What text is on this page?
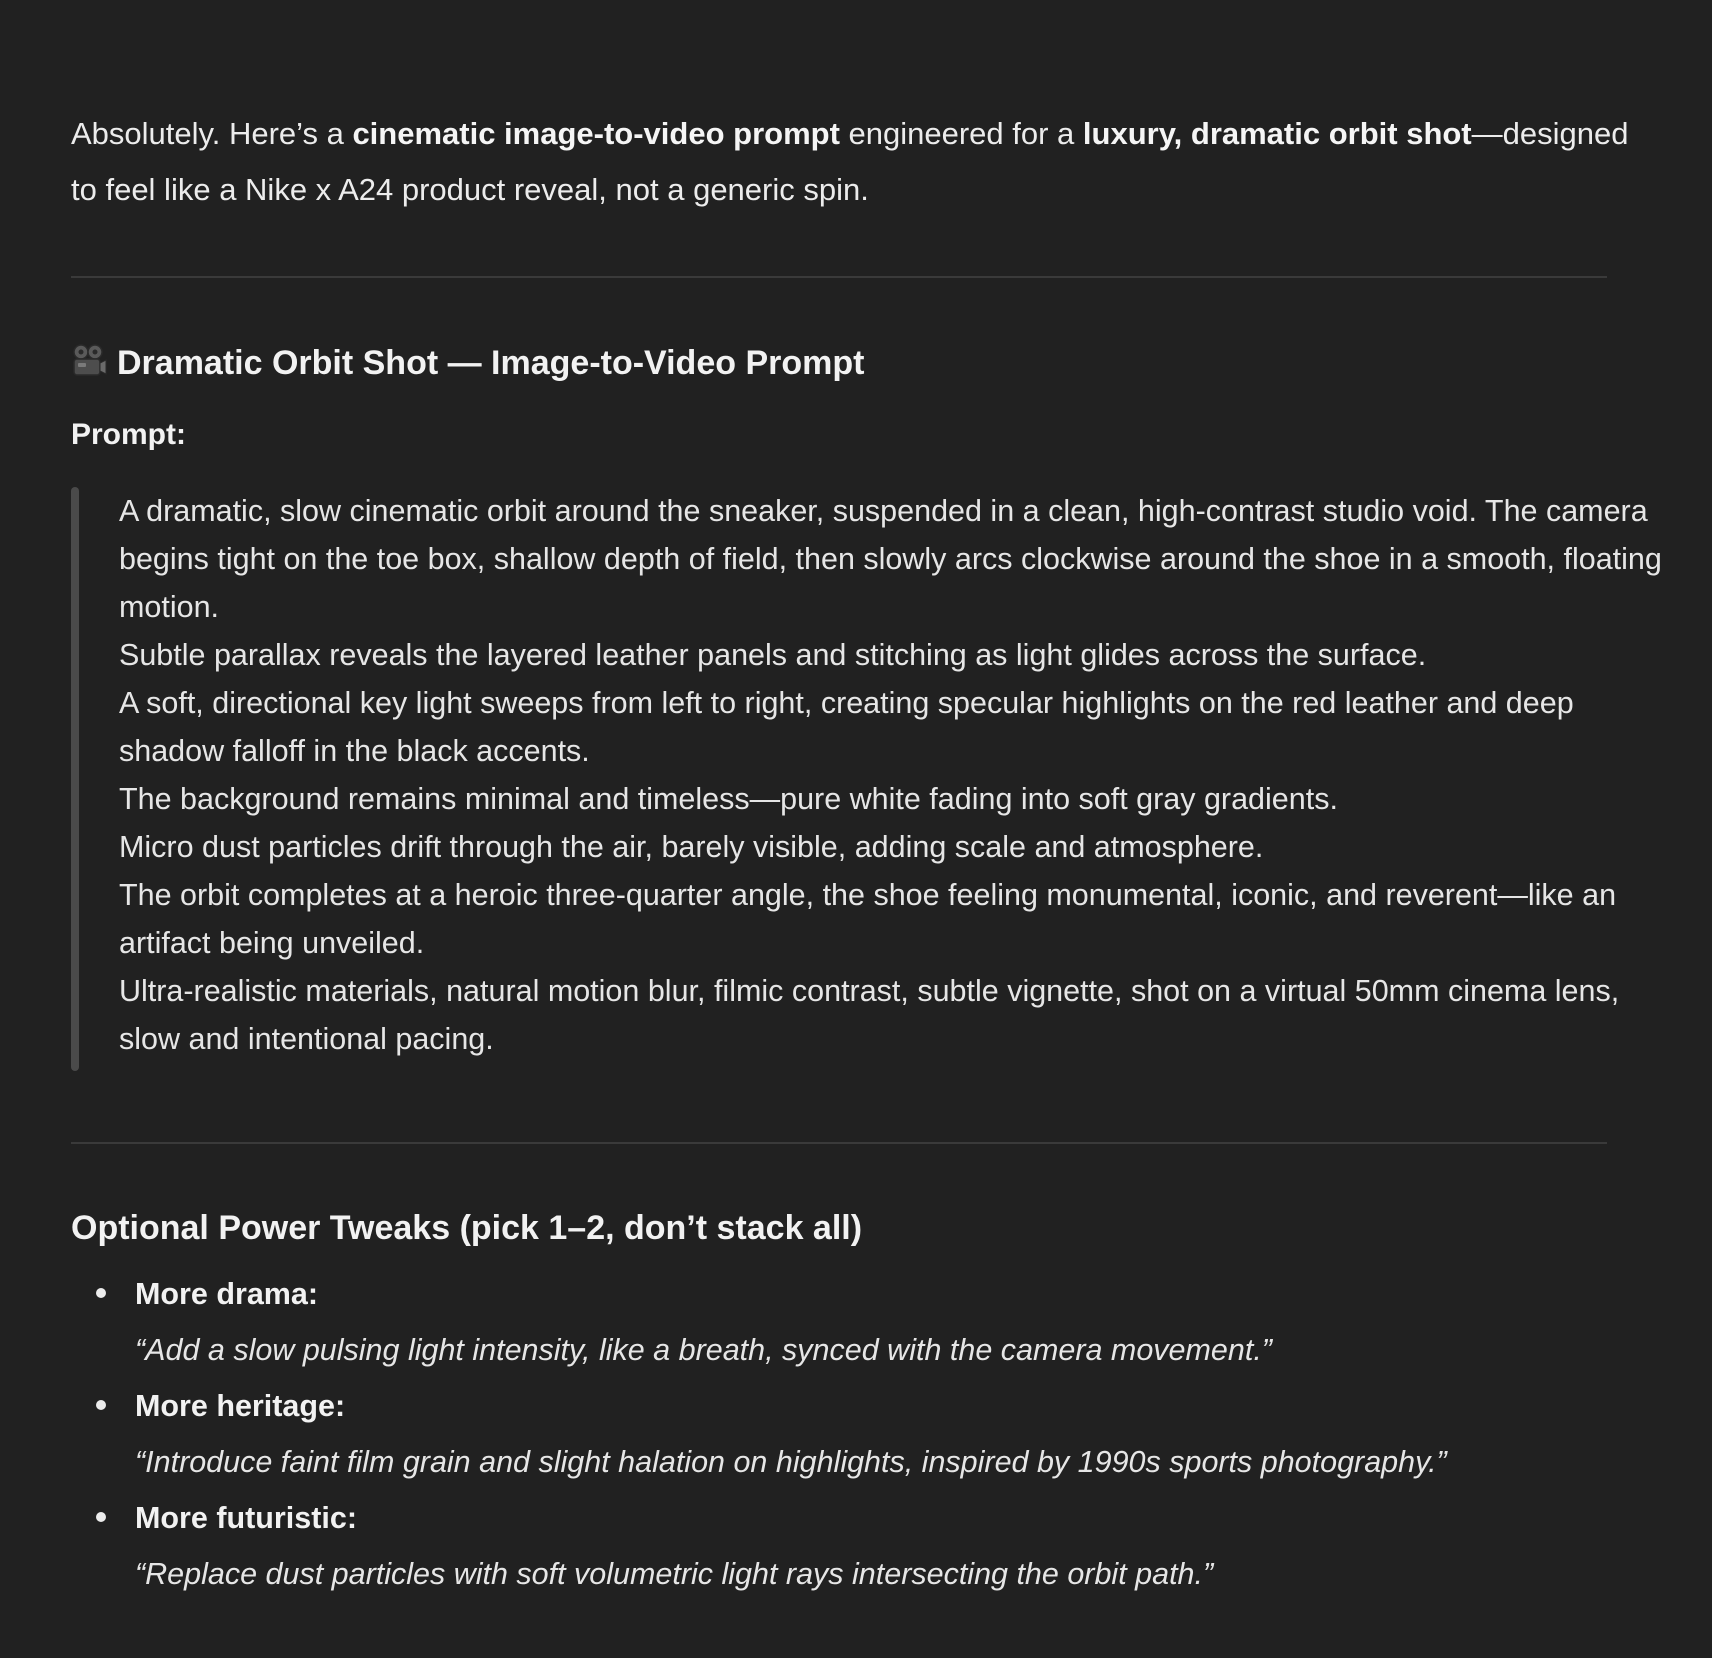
Absolutely. Here’s a cinematic image-to-video prompt engineered for a luxury, dramatic orbit shot—designed to feel like a Nike x A24 product reveal, not a generic spin.
Dramatic Orbit Shot — Image-to-Video Prompt
Prompt:

A dramatic, slow cinematic orbit around the sneaker, suspended in a clean, high-contrast studio void. The camera begins tight on the toe box, shallow depth of field, then slowly arcs clockwise around the shoe in a smooth, floating motion.

Subtle parallax reveals the layered leather panels and stitching as light glides across the surface.

A soft, directional key light sweeps from left to right, creating specular highlights on the red leather and deep shadow falloff in the black accents.

The background remains minimal and timeless—pure white fading into soft gray gradients.

Micro dust particles drift through the air, barely visible, adding scale and atmosphere.

The orbit completes at a heroic three-quarter angle, the shoe feeling monumental, iconic, and reverent—like an artifact being unveiled.

Ultra-realistic materials, natural motion blur, filmic contrast, subtle vignette, shot on a virtual 50mm cinema lens, slow and intentional pacing.

Optional Power Tweaks (pick 1–2, don’t stack all)
More drama:
“Add a slow pulsing light intensity, like a breath, synced with the camera movement.”
More heritage:
“Introduce faint film grain and slight halation on highlights, inspired by 1990s sports photography.”
More futuristic:
“Replace dust particles with soft volumetric light rays intersecting the orbit path.”
